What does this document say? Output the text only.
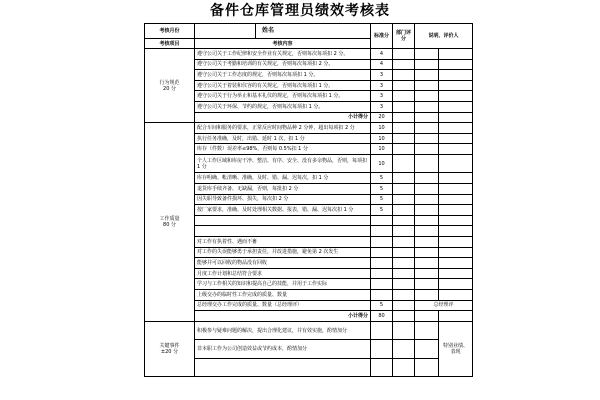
备件仓库管理员绩效考核表
考核月份	姓名	标准分	部门评分	说明、评价人	
考核项目	考核内容				
行为规范
20 分	遵守公司关于工作纪律和安全作业有关规定，否则每次每项扣 2 分。	4			
	遵守公司关于考勤和培训的有关规定，否则每次每项扣 2 分。	4			
	遵守公司关于工作态度的规定，否则每次每项扣 1 分。	3			
	遵守公司关于着装和仪容的有关规定，否则每次每项扣 1 分。	3			
	遵守公司关于行为举止和基本礼仪的规定，否则每次每项扣 1 分。	3			
	遵守公司关于环保、节约的规定，否则每次每项扣 1 分。	3			
	小计得分	20			
工作质量
80 分	配合车间和服务的要求，正常反应时间物品种 2 分钟，超出每项扣 2 分	10			
	执行任务准确，及时，出错、延时 1 次，扣 1 分	10			
	库存（件数）误差率≤98%，否则每 0.5%扣 1 分	10			
	个人工作区域和库房干净、整洁、有序、安全、没有多余物品，否则，每项扣 1 分	10			
	库存明确、帐清晰、准确、及时、错、漏、迟每次，扣 1 分	5			
	退货库手续齐备、无缺漏，否则，每批扣 2 分	5			
	因失职导致备件损坏、损失，每次扣 2 分	5			
	按厂家要求，准确、及时处理相关数据、报表，错、漏、迟每次扣 1 分	5			

	对工作有执着性、遇而不畜				
	对工作的失误能够勇于承担责任，并改进措施，避免第 2 次发生				
	能够并可以回收的物品没有回收				
	月度工作计划和总结符合要求				
	学习与工作相关的知识和提高自己的技能，并用于工作实际				
	上级交办的临时性工作完成的质量、数量				
	总经理交办工作完成的质量、数量（总经理评）	5		总经理评	
	小计得分	80			
关键事件
±20 分	积极参与疑难问题的解决，提出合理化建议，并有效实施，酌情加分				特别业绩、表现
	非本职工作为公司创造效益或节约成本，酌情加分				
